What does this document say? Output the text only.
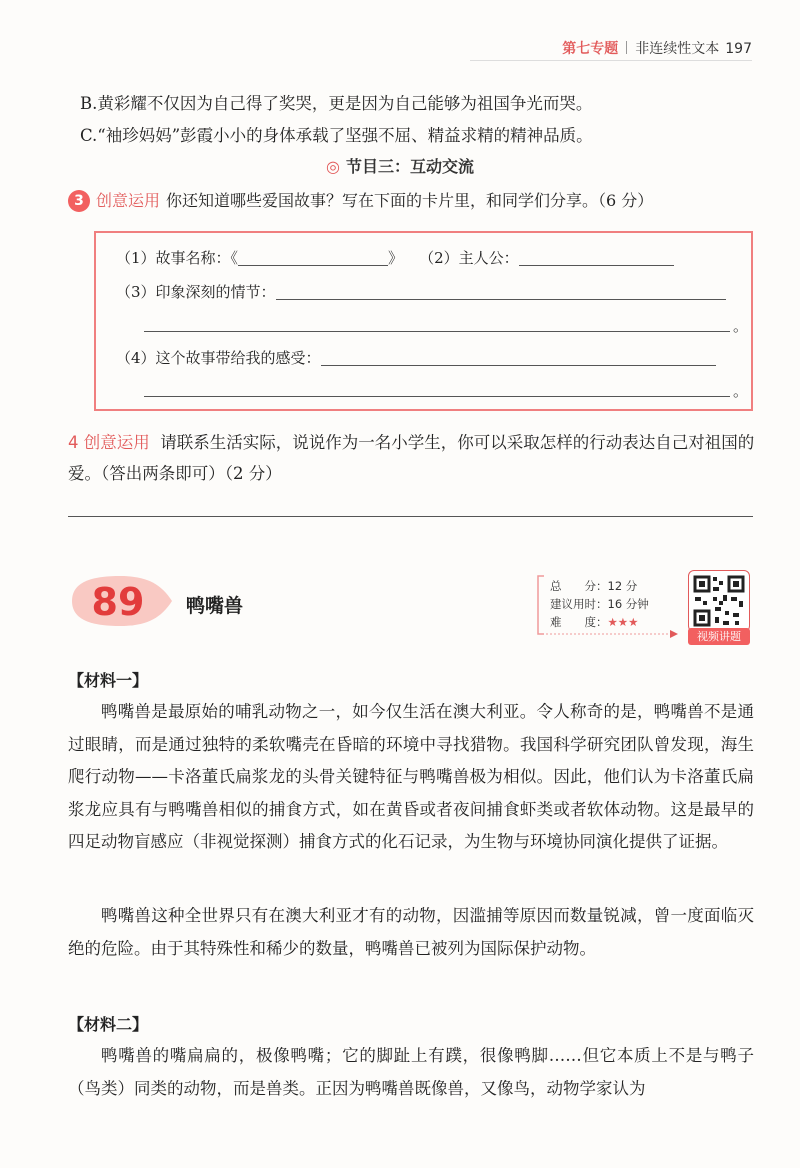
第七专题 非连续性文本 197
B.黄彩耀不仅因为自己得了奖哭，更是因为自己能够为祖国争光而哭。
C.“袖珍妈妈”彭霞小小的身体承载了坚强不屈、精益求精的精神品质。
◎ 节目三：互动交流
3 创意运用 你还知道哪些爱国故事？写在下面的卡片里，和同学们分享。（6 分）
（1）故事名称：《	》 （2）主人公：
（3）印象深刻的情节：
。
（4）这个故事带给我的感受：
。
4 创意运用 请联系生活实际，说说作为一名小学生，你可以采取怎样的行动表达自己对祖国的爱。（答出两条即可）（2 分）
89 鸭嘴兽
总　　分：12 分
建议用时：16 分钟
难　　度：★★★
视频讲题
【材料一】
鸭嘴兽是最原始的哺乳动物之一，如今仅生活在澳大利亚。令人称奇的是，鸭嘴兽不是通过眼睛，而是通过独特的柔软嘴壳在昏暗的环境中寻找猎物。我国科学研究团队曾发现，海生爬行动物——卡洛董氏扁浆龙的头骨关键特征与鸭嘴兽极为相似。因此，他们认为卡洛董氏扁浆龙应具有与鸭嘴兽相似的捕食方式，如在黄昏或者夜间捕食虾类或者软体动物。这是最早的四足动物盲感应（非视觉探测）捕食方式的化石记录，为生物与环境协同演化提供了证据。
鸭嘴兽这种全世界只有在澳大利亚才有的动物，因滥捕等原因而数量锐减，曾一度面临灭绝的危险。由于其特殊性和稀少的数量，鸭嘴兽已被列为国际保护动物。
【材料二】
鸭嘴兽的嘴扁扁的，极像鸭嘴；它的脚趾上有蹼，很像鸭脚……但它本质上不是与鸭子（鸟类）同类的动物，而是兽类。正因为鸭嘴兽既像兽，又像鸟，动物学家认为
